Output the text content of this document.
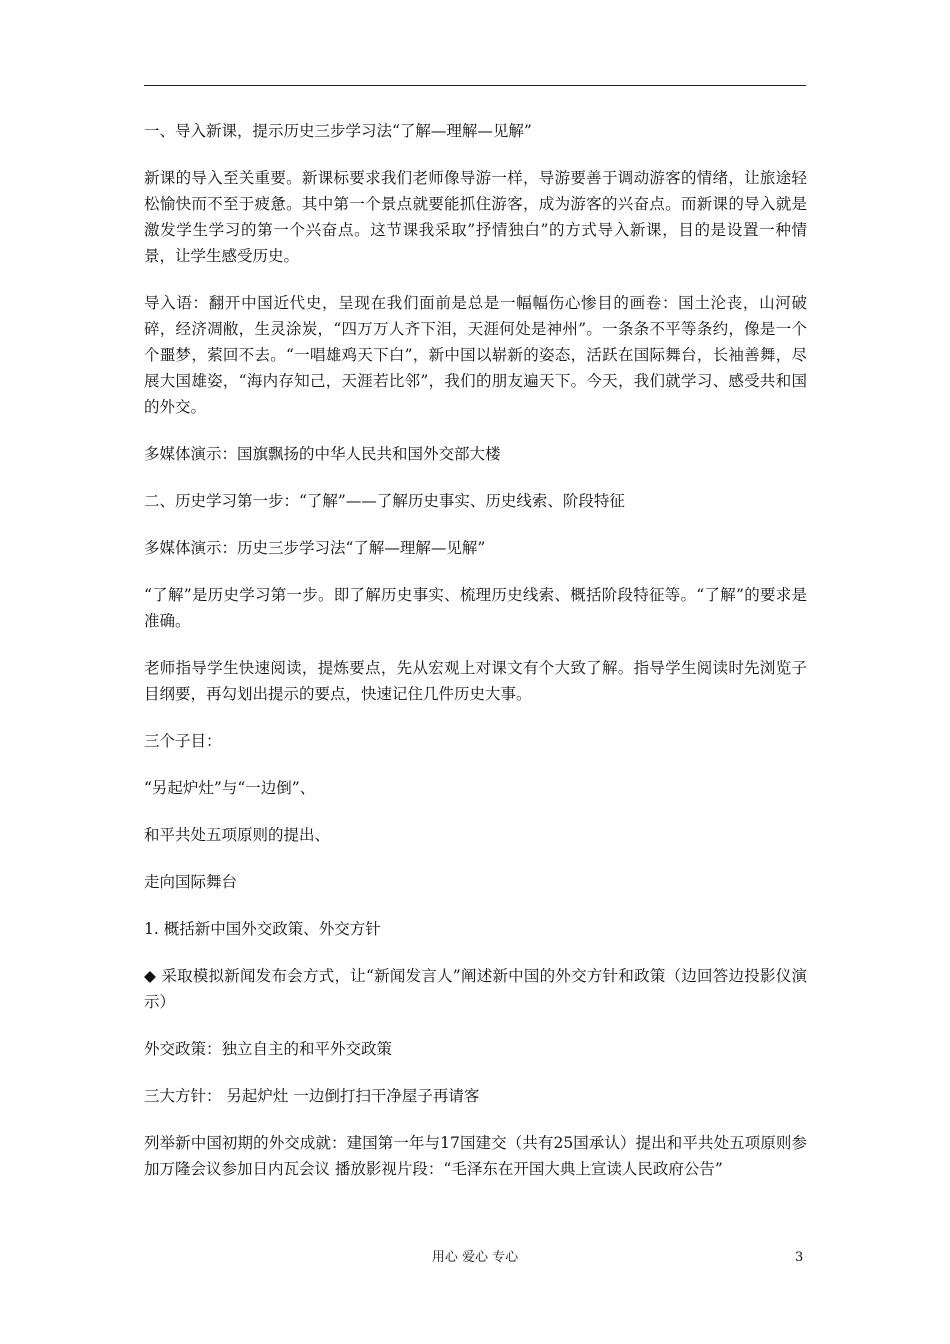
一、导入新课，提示历史三步学习法“了解—理解—见解”

新课的导入至关重要。新课标要求我们老师像导游一样，导游要善于调动游客的情绪，让旅途轻松愉快而不至于疲惫。其中第一个景点就要能抓住游客，成为游客的兴奋点。而新课的导入就是激发学生学习的第一个兴奋点。这节课我采取”抒情独白”的方式导入新课，目的是设置一种情景，让学生感受历史。

导入语：翻开中国近代史，呈现在我们面前是总是一幅幅伤心惨目的画卷：国土沦丧，山河破碎，经济凋敝，生灵涂炭，“四万万人齐下泪，天涯何处是神州”。一条条不平等条约，像是一个个噩梦，萦回不去。“一唱雄鸡天下白”，新中国以崭新的姿态，活跃在国际舞台，长袖善舞，尽展大国雄姿，“海内存知己，天涯若比邻”，我们的朋友遍天下。今天，我们就学习、感受共和国的外交。

多媒体演示：国旗飘扬的中华人民共和国外交部大楼

二、历史学习第一步：“了解”——了解历史事实、历史线索、阶段特征

多媒体演示：历史三步学习法“了解—理解—见解”

“了解”是历史学习第一步。即了解历史事实、梳理历史线索、概括阶段特征等。“了解”的要求是准确。

老师指导学生快速阅读，提炼要点，先从宏观上对课文有个大致了解。指导学生阅读时先浏览子目纲要，再勾划出提示的要点，快速记住几件历史大事。

三个子目：

“另起炉灶”与“一边倒”、

和平共处五项原则的提出、

走向国际舞台

1. 概括新中国外交政策、外交方针

◆ 采取模拟新闻发布会方式，让“新闻发言人”阐述新中国的外交方针和政策（边回答边投影仪演示）

外交政策：独立自主的和平外交政策

三大方针： 另起炉灶 一边倒打扫干净屋子再请客

列举新中国初期的外交成就：建国第一年与17国建交（共有25国承认）提出和平共处五项原则参加万隆会议参加日内瓦会议 播放影视片段：“毛泽东在开国大典上宣读人民政府公告”

用心 爱心 专心	3
